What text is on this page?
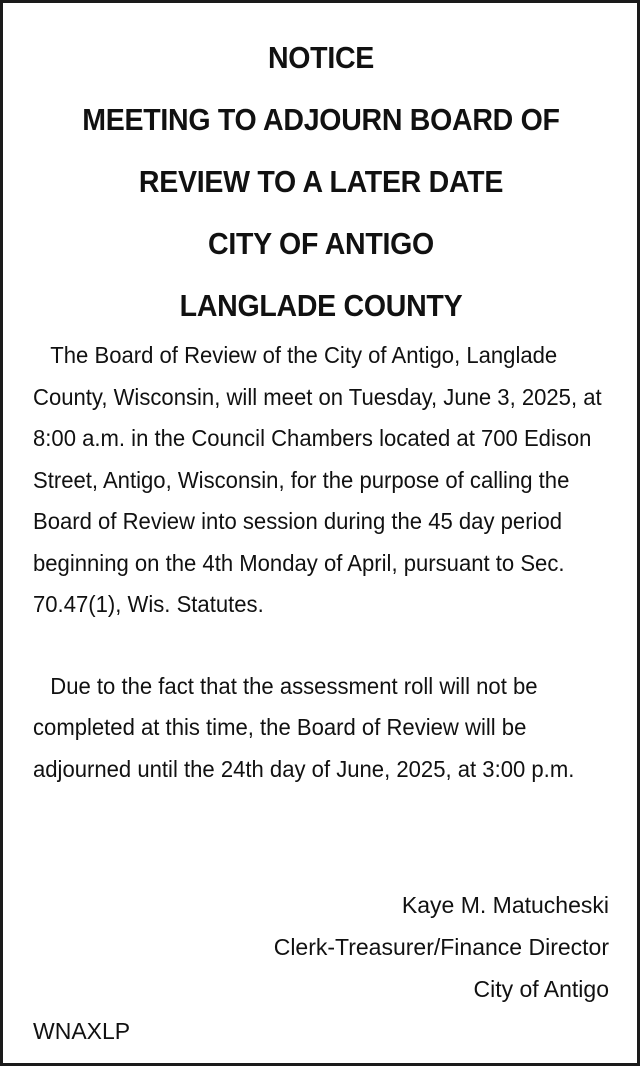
NOTICE
MEETING TO ADJOURN BOARD OF
REVIEW TO A LATER DATE
CITY OF ANTIGO
LANGLADE COUNTY

The Board of Review of the City of Antigo, Langlade County, Wisconsin, will meet on Tuesday, June 3, 2025, at 8:00 a.m. in the Council Chambers located at 700 Edison Street, Antigo, Wisconsin, for the purpose of calling the Board of Review into session during the 45 day period beginning on the 4th Monday of April, pursuant to Sec. 70.47(1), Wis. Statutes.

Due to the fact that the assessment roll will not be completed at this time, the Board of Review will be adjourned until the 24th day of June, 2025, at 3:00 p.m.

Kaye M. Matucheski
Clerk-Treasurer/Finance Director
City of Antigo
WNAXLP
